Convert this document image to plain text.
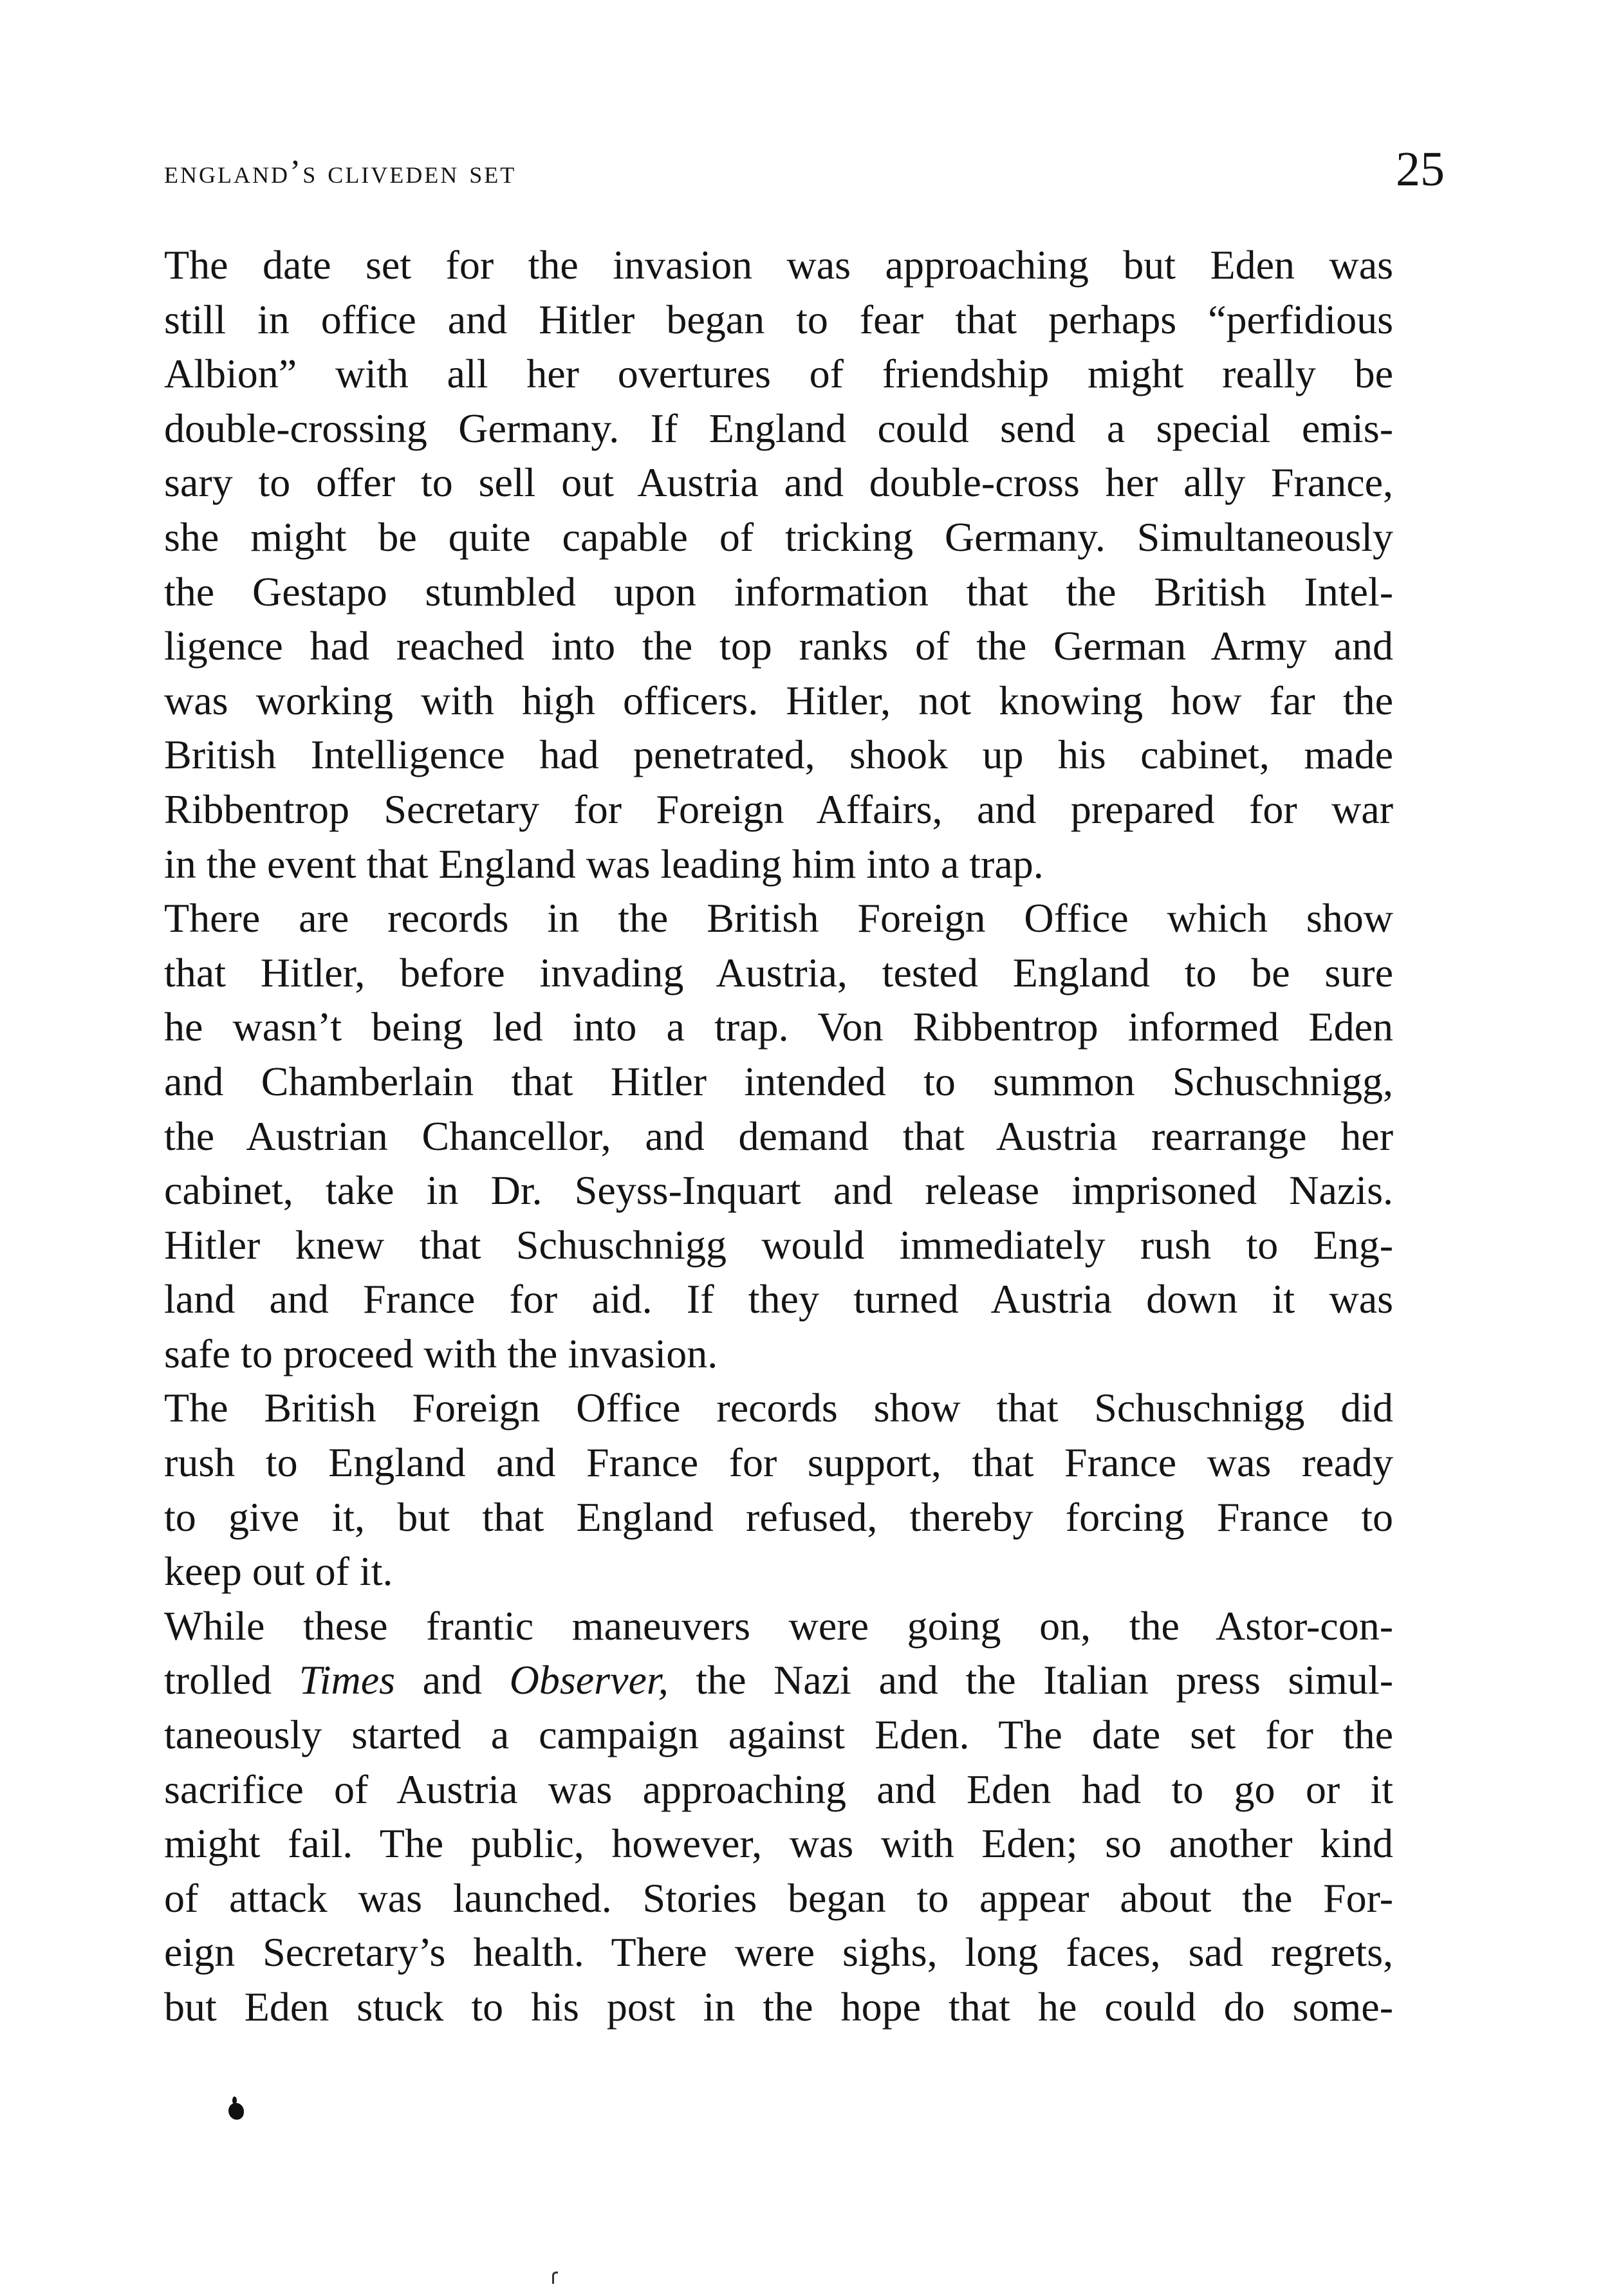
england’s cliveden set	25

The date set for the invasion was approaching but Eden was
still in office and Hitler began to fear that perhaps “perfidious
Albion” with all her overtures of friendship might really be
double-crossing Germany. If England could send a special emis-
sary to offer to sell out Austria and double-cross her ally France,
she might be quite capable of tricking Germany. Simultaneously
the Gestapo stumbled upon information that the British Intel-
ligence had reached into the top ranks of the German Army and
was working with high officers. Hitler, not knowing how far the
British Intelligence had penetrated, shook up his cabinet, made
Ribbentrop Secretary for Foreign Affairs, and prepared for war
in the event that England was leading him into a trap.

There are records in the British Foreign Office which show
that Hitler, before invading Austria, tested England to be sure
he wasn’t being led into a trap. Von Ribbentrop informed Eden
and Chamberlain that Hitler intended to summon Schuschnigg,
the Austrian Chancellor, and demand that Austria rearrange her
cabinet, take in Dr. Seyss-Inquart and release imprisoned Nazis.
Hitler knew that Schuschnigg would immediately rush to Eng-
land and France for aid. If they turned Austria down it was
safe to proceed with the invasion.

The British Foreign Office records show that Schuschnigg did
rush to England and France for support, that France was ready
to give it, but that England refused, thereby forcing France to
keep out of it.

While these frantic maneuvers were going on, the Astor-con-
trolled Times and Observer, the Nazi and the Italian press simul-
taneously started a campaign against Eden. The date set for the
sacrifice of Austria was approaching and Eden had to go or it
might fail. The public, however, was with Eden; so another kind
of attack was launched. Stories began to appear about the For-
eign Secretary’s health. There were sighs, long faces, sad regrets,
but Eden stuck to his post in the hope that he could do some-
